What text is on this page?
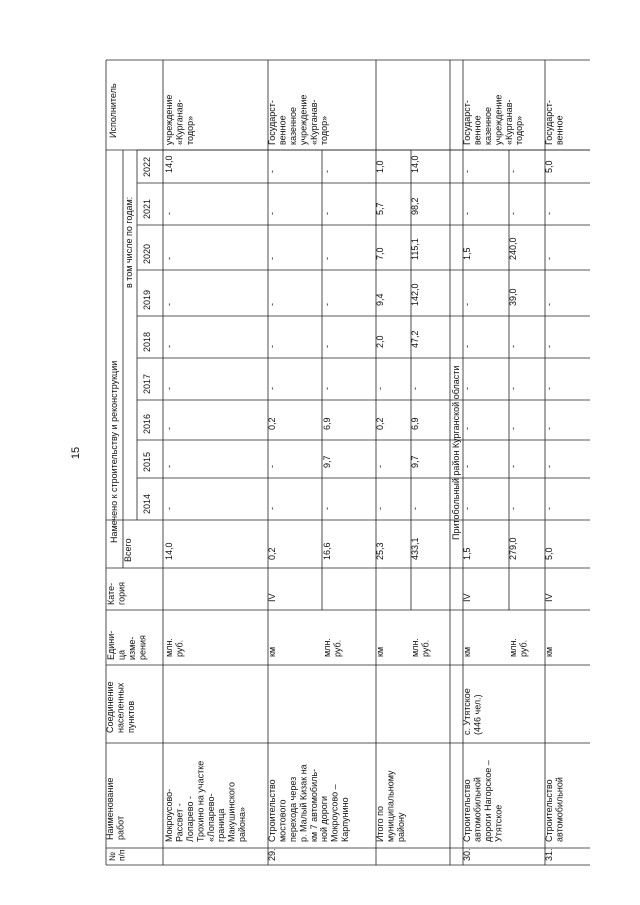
15
№ п/п
Наименование работ
Соединение населенных пунктов
Едини- ца изме- рения
Кате- гория
Намечено к строительству и реконструкции
Всего
в том числе по годам:
2014
2015
2016
2017
2018
2019
2020
2021
2022
Исполнитель
Мокроусово- Рассвет - Лопарево - Трохино на участке «Лопарево- граница Макушинского района»
учреждение «Курганав- тодор»
млн. руб.
14,0
-
-
-
-
-
-
-
-
14,0
29.
Строительство мостового перехода через р. Малый Кизак на км 7 автомобиль- ной дороги Мокроусово – Карпунино
Государст- венное казенное учреждение «Курганав- тодор»
км
IV
0,2
-
-
0,2
-
-
-
-
-
-
млн. руб.
16,6
-
9,7
6,9
-
-
-
-
-
-
Итого по муниципальному району
км
25,3
-
-
0,2
-
2,0
9,4
7,0
5,7
1,0
млн. руб.
433,1
-
9,7
6,9
-
47,2
142,0
115,1
98,2
14,0
Притобольный район Курганской области
30.
Строительство автомобильной дороги Нагорское – Утятское
с. Утятское (446 чел.)
Государст- венное казенное учреждение «Курганав- тодор»
км
IV
1,5
-
-
-
-
-
-
1,5
-
-
млн. руб.
279,0
-
-
-
-
-
39,0
240,0
-
-
31.
Строительство автомобильной
Государст- венное
км
IV
5,0
-
-
-
-
-
-
-
-
5,0
